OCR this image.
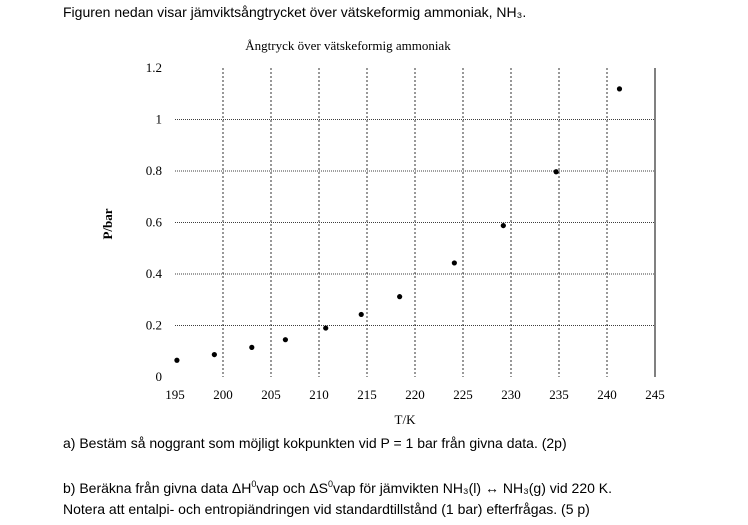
Figuren nedan visar jämviktsångtrycket över vätskeformig ammoniak, NH₃.
Ångtryck över vätskeformig ammoniak
T/K
P/bar
195 200 205 210 215 220 225 230 235 240 245
0
0.2
0.4
0.6
0.8
1
1.2
a) Bestäm så noggrant som möjligt kokpunkten vid P = 1 bar från givna data. (2p)
b) Beräkna från givna data $\Delta H^0vap$ och $\Delta S^0vap$ för jämvikten NH₃(l) ↔ NH₃(g) vid 220 K.
Notera att entalpi- och entropiändringen vid standardtillstånd (1 bar) efterfrågas. (5 p)
